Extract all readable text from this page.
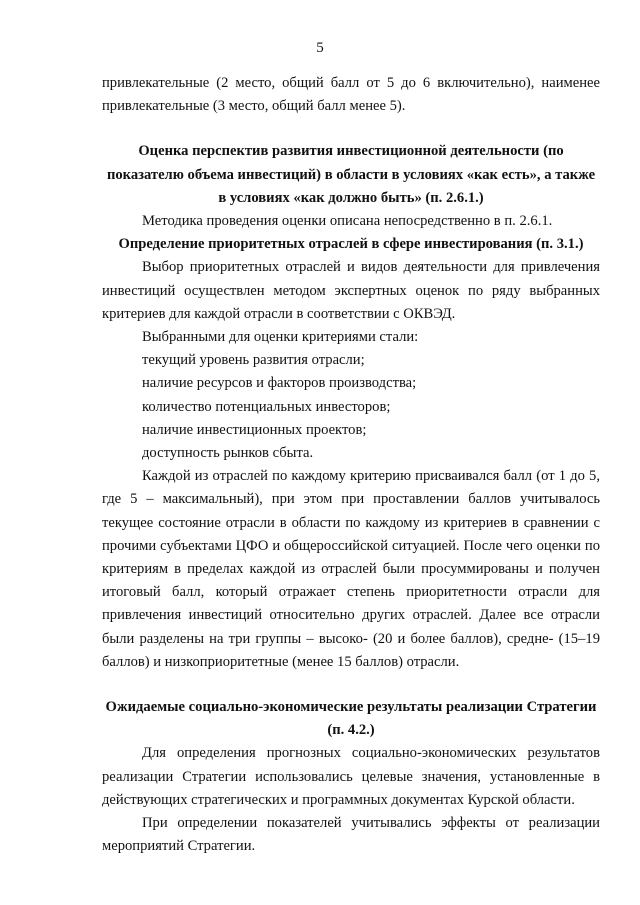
5

привлекательные (2 место, общий балл от 5 до 6 включительно), наименее привлекательные (3 место, общий балл менее 5).

Оценка перспектив развития инвестиционной деятельности (по показателю объема инвестиций) в области в условиях «как есть», а также в условиях «как должно быть» (п. 2.6.1.)

Методика проведения оценки описана непосредственно в п. 2.6.1.

Определение приоритетных отраслей в сфере инвестирования (п. 3.1.)

Выбор приоритетных отраслей и видов деятельности для привлечения инвестиций осуществлен методом экспертных оценок по ряду выбранных критериев для каждой отрасли в соответствии с ОКВЭД.

Выбранными для оценки критериями стали:

текущий уровень развития отрасли;

наличие ресурсов и факторов производства;

количество потенциальных инвесторов;

наличие инвестиционных проектов;

доступность рынков сбыта.

Каждой из отраслей по каждому критерию присваивался балл (от 1 до 5, где 5 – максимальный), при этом при проставлении баллов учитывалось текущее состояние отрасли в области по каждому из критериев в сравнении с прочими субъектами ЦФО и общероссийской ситуацией. После чего оценки по критериям в пределах каждой из отраслей были просуммированы и получен итоговый балл, который отражает степень приоритетности отрасли для привлечения инвестиций относительно других отраслей. Далее все отрасли были разделены на три группы – высоко- (20 и более баллов), средне- (15–19 баллов) и низкоприоритетные (менее 15 баллов) отрасли.

Ожидаемые социально-экономические результаты реализации Стратегии (п. 4.2.)

Для определения прогнозных социально-экономических результатов реализации Стратегии использовались целевые значения, установленные в действующих стратегических и программных документах Курской области.

При определении показателей учитывались эффекты от реализации мероприятий Стратегии.
